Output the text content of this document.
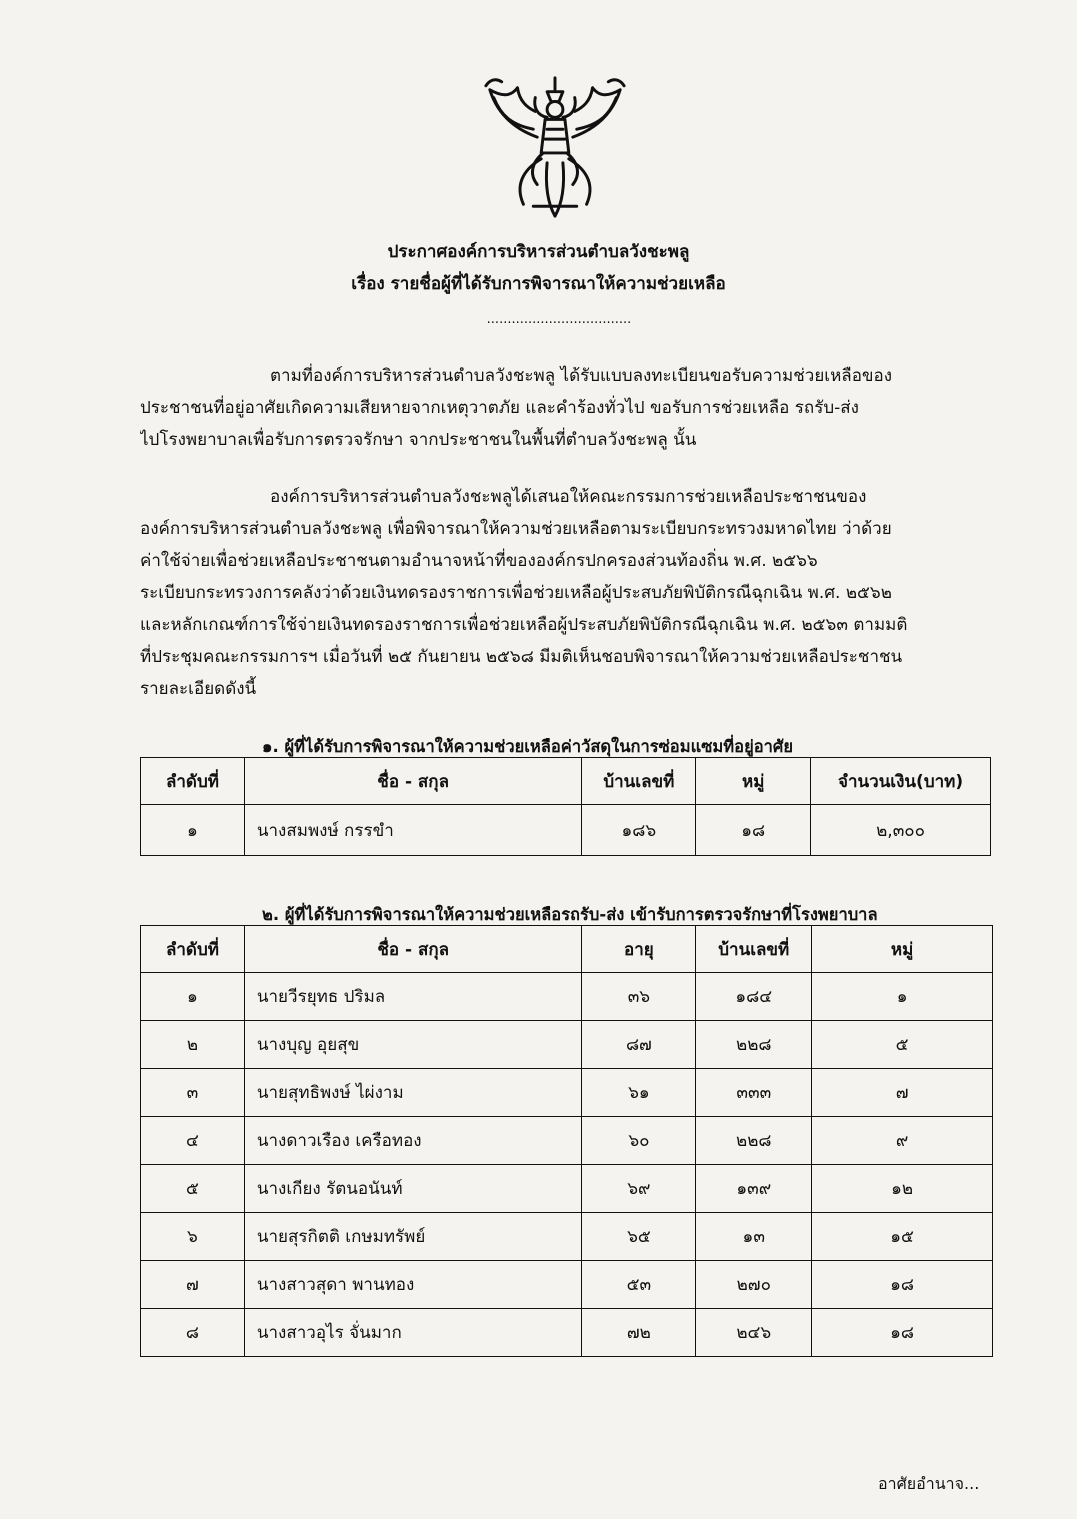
ประกาศองค์การบริหารส่วนตำบลวังชะพลู
เรื่อง รายชื่อผู้ที่ได้รับการพิจารณาให้ความช่วยเหลือ
...................................
ตามที่องค์การบริหารส่วนตำบลวังชะพลู ได้รับแบบลงทะเบียนขอรับความช่วยเหลือของ
ประชาชนที่อยู่อาศัยเกิดความเสียหายจากเหตุวาตภัย และคำร้องทั่วไป ขอรับการช่วยเหลือ รถรับ-ส่ง
ไปโรงพยาบาลเพื่อรับการตรวจรักษา จากประชาชนในพื้นที่ตำบลวังชะพลู นั้น
องค์การบริหารส่วนตำบลวังชะพลูได้เสนอให้คณะกรรมการช่วยเหลือประชาชนของ
องค์การบริหารส่วนตำบลวังชะพลู เพื่อพิจารณาให้ความช่วยเหลือตามระเบียบกระทรวงมหาดไทย ว่าด้วย
ค่าใช้จ่ายเพื่อช่วยเหลือประชาชนตามอำนาจหน้าที่ขององค์กรปกครองส่วนท้องถิ่น พ.ศ. ๒๕๖๖
ระเบียบกระทรวงการคลังว่าด้วยเงินทดรองราชการเพื่อช่วยเหลือผู้ประสบภัยพิบัติกรณีฉุกเฉิน พ.ศ. ๒๕๖๒
และหลักเกณฑ์การใช้จ่ายเงินทดรองราชการเพื่อช่วยเหลือผู้ประสบภัยพิบัติกรณีฉุกเฉิน พ.ศ. ๒๕๖๓ ตามมติ
ที่ประชุมคณะกรรมการฯ เมื่อวันที่ ๒๕ กันยายน ๒๕๖๘ มีมติเห็นชอบพิจารณาให้ความช่วยเหลือประชาชน
รายละเอียดดังนี้
๑. ผู้ที่ได้รับการพิจารณาให้ความช่วยเหลือค่าวัสดุในการซ่อมแซมที่อยู่อาศัย
ลำดับที่	ชื่อ - สกุล	บ้านเลขที่	หมู่	จำนวนเงิน(บาท)
๑	นางสมพงษ์ กรรขำ	๑๘๖	๑๘	๒,๓๐๐
๒. ผู้ที่ได้รับการพิจารณาให้ความช่วยเหลือรถรับ-ส่ง เข้ารับการตรวจรักษาที่โรงพยาบาล
ลำดับที่	ชื่อ - สกุล	อายุ	บ้านเลขที่	หมู่
๑	นายวีรยุทธ ปริมล	๓๖	๑๘๔	๑
๒	นางบุญ อุยสุข	๘๗	๒๒๘	๕
๓	นายสุทธิพงษ์ ไผ่งาม	๖๑	๓๓๓	๗
๔	นางดาวเรือง เครือทอง	๖๐	๒๒๘	๙
๕	นางเกียง รัตนอนันท์	๖๙	๑๓๙	๑๒
๖	นายสุรกิตติ เกษมทรัพย์	๖๕	๑๓	๑๕
๗	นางสาวสุดา พานทอง	๕๓	๒๗๐	๑๘
๘	นางสาวอุไร จั่นมาก	๗๒	๒๔๖	๑๘
อาศัยอำนาจ...
